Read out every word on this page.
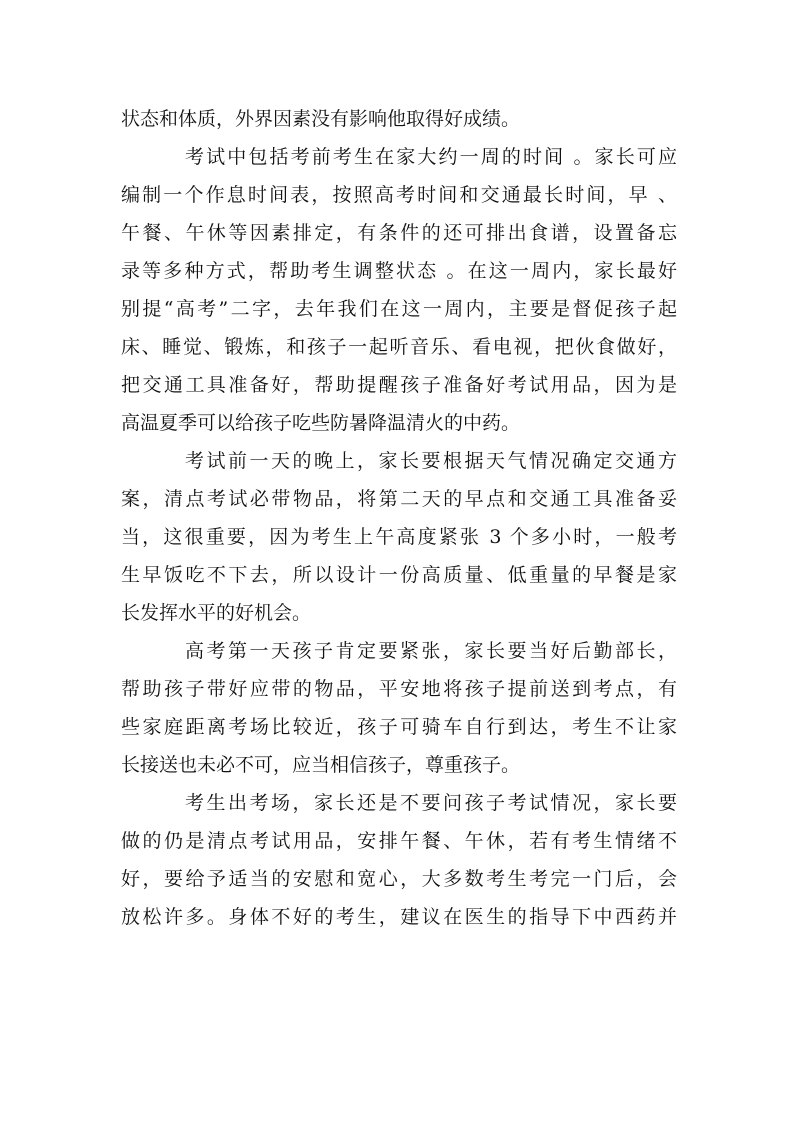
状态和体质，外界因素没有影响他取得好成绩。
考试中包括考前考生在家大约一周的时间 。家长可应
编制一个作息时间表，按照高考时间和交通最长时间，早 、
午餐、午休等因素排定，有条件的还可排出食谱，设置备忘
录等多种方式，帮助考生调整状态 。在这一周内，家长最好
别提“高考”二字，去年我们在这一周内，主要是督促孩子起
床、睡觉、锻炼，和孩子一起听音乐、看电视，把伙食做好，
把交通工具准备好，帮助提醒孩子准备好考试用品，因为是
高温夏季可以给孩子吃些防暑降温清火的中药。
考试前一天的晚上，家长要根据天气情况确定交通方
案，清点考试必带物品，将第二天的早点和交通工具准备妥
当，这很重要，因为考生上午高度紧张 3 个多小时，一般考
生早饭吃不下去，所以设计一份高质量、低重量的早餐是家
长发挥水平的好机会。
高考第一天孩子肯定要紧张，家长要当好后勤部长，
帮助孩子带好应带的物品，平安地将孩子提前送到考点，有
些家庭距离考场比较近，孩子可骑车自行到达，考生不让家
长接送也未必不可，应当相信孩子，尊重孩子。
考生出考场，家长还是不要问孩子考试情况，家长要
做的仍是清点考试用品，安排午餐、午休，若有考生情绪不
好，要给予适当的安慰和宽心，大多数考生考完一门后，会
放松许多。身体不好的考生，建议在医生的指导下中西药并
